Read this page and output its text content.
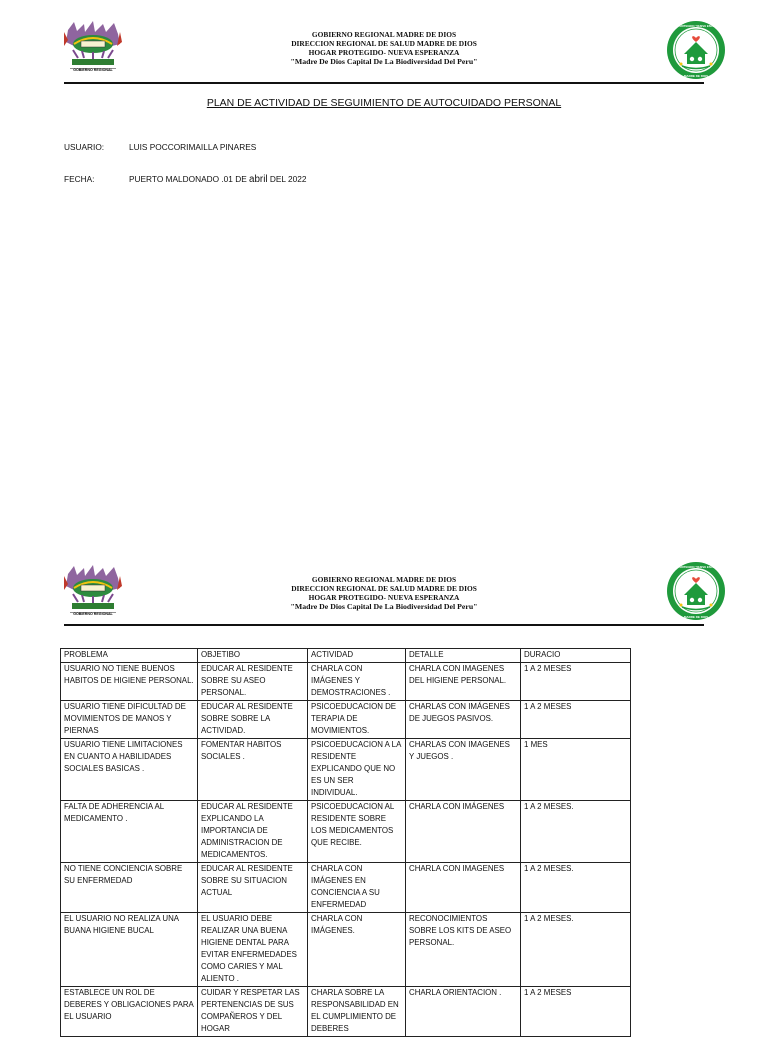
GOBIERNO REGIONAL
GOBIERNO REGIONAL MADRE DE DIOS
DIRECCION REGIONAL DE SALUD MADRE DE DIOS
HOGAR PROTEGIDO- NUEVA ESPERANZA
"Madre De Dios Capital De La Biodiversidad Del Peru"
HOGAR PROTEGIDO "NUEVA ESPERANZA"
MADRE DE DIOS
PLAN DE ACTIVIDAD DE SEGUIMIENTO DE AUTOCUIDADO PERSONAL
USUARIO:	LUIS POCCORIMAILLA PINARES
FECHA:	PUERTO MALDONADO .01 DE abril DEL 2022
GOBIERNO REGIONAL
GOBIERNO REGIONAL MADRE DE DIOS
DIRECCION REGIONAL DE SALUD MADRE DE DIOS
HOGAR PROTEGIDO- NUEVA ESPERANZA
"Madre De Dios Capital De La Biodiversidad Del Peru"
HOGAR PROTEGIDO "NUEVA ESPERANZA"
MADRE DE DIOS
PROBLEMA	OBJETIBO	ACTIVIDAD	DETALLE	DURACIO
USUARIO NO TIENE BUENOS HABITOS DE HIGIENE PERSONAL.	EDUCAR AL RESIDENTE SOBRE SU ASEO PERSONAL.	CHARLA CON IMÁGENES Y DEMOSTRACIONES .	CHARLA CON IMAGENES DEL HIGIENE PERSONAL.	1 A 2 MESES
USUARIO TIENE DIFICULTAD DE MOVIMIENTOS DE MANOS Y PIERNAS	EDUCAR AL RESIDENTE SOBRE SOBRE LA ACTIVIDAD.	PSICOEDUCACION DE TERAPIA DE MOVIMIENTOS.	CHARLAS CON IMÁGENES DE JUEGOS PASIVOS.	1 A 2 MESES
USUARIO TIENE LIMITACIONES EN CUANTO A HABILIDADES SOCIALES BASICAS .	FOMENTAR HABITOS SOCIALES .	PSICOEDUCACION A LA RESIDENTE EXPLICANDO QUE NO ES UN SER INDIVIDUAL.	CHARLAS CON IMAGENES Y JUEGOS .	1 MES
FALTA DE ADHERENCIA AL MEDICAMENTO .	EDUCAR AL RESIDENTE EXPLICANDO LA IMPORTANCIA DE ADMINISTRACION DE MEDICAMENTOS.	PSICOEDUCACION AL RESIDENTE SOBRE LOS MEDICAMENTOS QUE RECIBE.	CHARLA CON IMÁGENES	1 A 2 MESES.
NO TIENE CONCIENCIA SOBRE SU ENFERMEDAD	EDUCAR AL RESIDENTE SOBRE SU SITUACION ACTUAL	CHARLA CON IMÁGENES EN CONCIENCIA A SU ENFERMEDAD	CHARLA CON IMAGENES	1 A 2 MESES.
EL USUARIO NO REALIZA UNA BUANA HIGIENE BUCAL	EL USUARIO DEBE REALIZAR UNA BUENA HIGIENE DENTAL PARA EVITAR ENFERMEDADES COMO CARIES Y MAL ALIENTO .	CHARLA CON IMÁGENES.	RECONOCIMIENTOS SOBRE LOS KITS DE ASEO PERSONAL.	1 A 2 MESES.
ESTABLECE UN ROL DE DEBERES Y OBLIGACIONES PARA EL USUARIO	CUIDAR Y RESPETAR LAS PERTENENCIAS DE SUS COMPAÑEROS Y DEL HOGAR	CHARLA SOBRE LA RESPONSABILIDAD EN EL CUMPLIMIENTO DE DEBERES	CHARLA ORIENTACION .	1 A 2 MESES
